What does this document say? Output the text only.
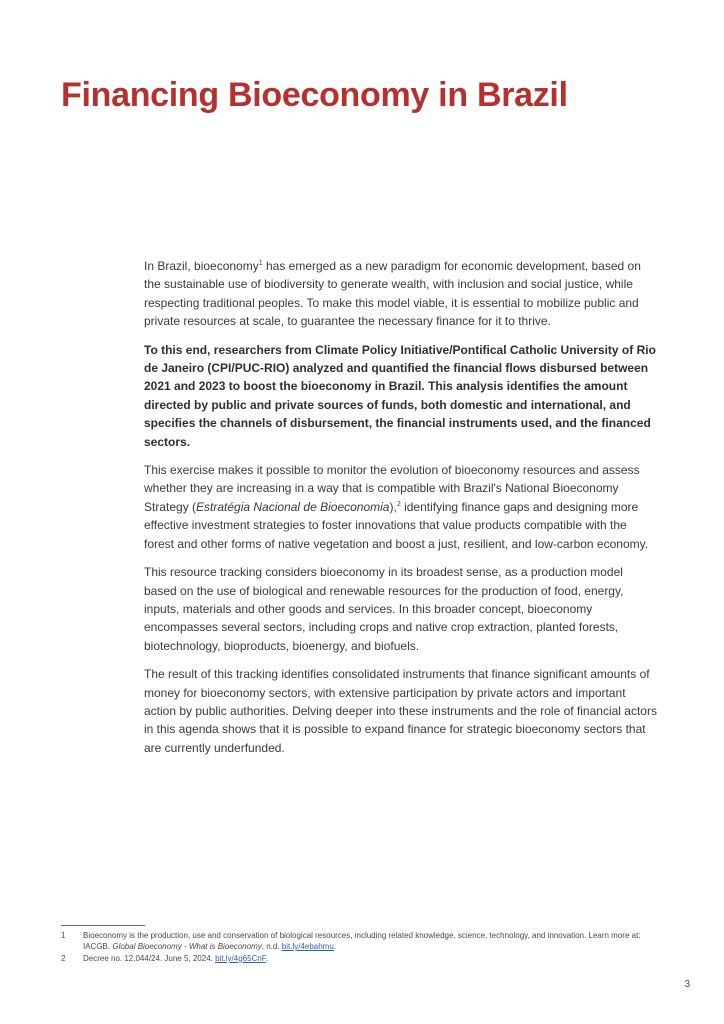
Financing Bioeconomy in Brazil

In Brazil, bioeconomy$^1$ has emerged as a new paradigm for economic development, based on the sustainable use of biodiversity to generate wealth, with inclusion and social justice, while respecting traditional peoples. To make this model viable, it is essential to mobilize public and private resources at scale, to guarantee the necessary finance for it to thrive.

To this end, researchers from Climate Policy Initiative/Pontifical Catholic University of Rio de Janeiro (CPI/PUC-RIO) analyzed and quantified the financial flows disbursed between 2021 and 2023 to boost the bioeconomy in Brazil. This analysis identifies the amount directed by public and private sources of funds, both domestic and international, and specifies the channels of disbursement, the financial instruments used, and the financed sectors.

This exercise makes it possible to monitor the evolution of bioeconomy resources and assess whether they are increasing in a way that is compatible with Brazil's National Bioeconomy Strategy (Estratégia Nacional de Bioeconomia),$^2$ identifying finance gaps and designing more effective investment strategies to foster innovations that value products compatible with the forest and other forms of native vegetation and boost a just, resilient, and low-carbon economy.

This resource tracking considers bioeconomy in its broadest sense, as a production model based on the use of biological and renewable resources for the production of food, energy, inputs, materials and other goods and services. In this broader concept, bioeconomy encompasses several sectors, including crops and native crop extraction, planted forests, biotechnology, bioproducts, bioenergy, and biofuels.

The result of this tracking identifies consolidated instruments that finance significant amounts of money for bioeconomy sectors, with extensive participation by private actors and important action by public authorities. Delving deeper into these instruments and the role of financial actors in this agenda shows that it is possible to expand finance for strategic bioeconomy sectors that are currently underfunded.

1	Bioeconomy is the production, use and conservation of biological resources, including related knowledge, science, technology, and innovation. Learn more at: IACGB. Global Bioeconomy - What is Bioeconomy, n.d. bit.ly/4ebahmu.
2	Decree no. 12,044/24. June 5, 2024. bit.ly/4g65CnF.
3
